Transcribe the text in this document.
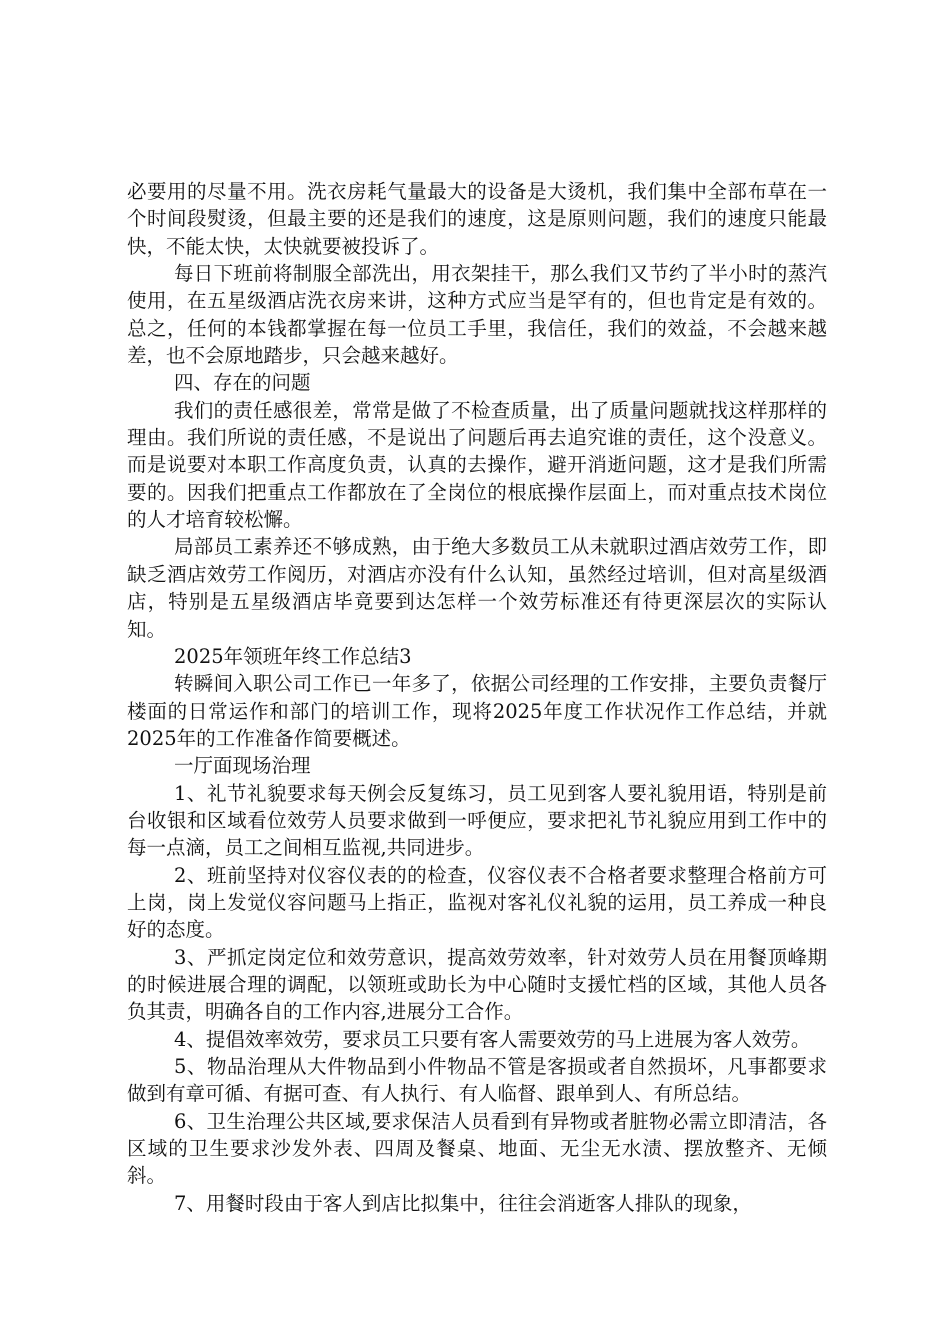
必要用的尽量不用。洗衣房耗气量最大的设备是大烫机，我们集中全部布草在一个时间段熨烫，但最主要的还是我们的速度，这是原则问题，我们的速度只能最快，不能太快，太快就要被投诉了。

每日下班前将制服全部洗出，用衣架挂干，那么我们又节约了半小时的蒸汽使用，在五星级酒店洗衣房来讲，这种方式应当是罕有的，但也肯定是有效的。总之，任何的本钱都掌握在每一位员工手里，我信任，我们的效益，不会越来越差，也不会原地踏步，只会越来越好。

四、存在的问题

我们的责任感很差，常常是做了不检查质量，出了质量问题就找这样那样的理由。我们所说的责任感，不是说出了问题后再去追究谁的责任，这个没意义。而是说要对本职工作高度负责，认真的去操作，避开消逝问题，这才是我们所需要的。因我们把重点工作都放在了全岗位的根底操作层面上，而对重点技术岗位的人才培育较松懈。

局部员工素养还不够成熟，由于绝大多数员工从未就职过酒店效劳工作，即缺乏酒店效劳工作阅历，对酒店亦没有什么认知，虽然经过培训，但对高星级酒店，特别是五星级酒店毕竟要到达怎样一个效劳标准还有待更深层次的实际认知。

2025年领班年终工作总结3

转瞬间入职公司工作已一年多了，依据公司经理的工作安排，主要负责餐厅楼面的日常运作和部门的培训工作，现将2025年度工作状况作工作总结，并就2025年的工作准备作简要概述。

一厅面现场治理

1、礼节礼貌要求每天例会反复练习，员工见到客人要礼貌用语，特别是前台收银和区域看位效劳人员要求做到一呼便应，要求把礼节礼貌应用到工作中的每一点滴，员工之间相互监视,共同进步。

2、班前坚持对仪容仪表的的检查，仪容仪表不合格者要求整理合格前方可上岗，岗上发觉仪容问题马上指正，监视对客礼仪礼貌的运用，员工养成一种良好的态度。

3、严抓定岗定位和效劳意识，提高效劳效率，针对效劳人员在用餐顶峰期的时候进展合理的调配，以领班或助长为中心随时支援忙档的区域，其他人员各负其责，明确各自的工作内容,进展分工合作。

4、提倡效率效劳，要求员工只要有客人需要效劳的马上进展为客人效劳。

5、物品治理从大件物品到小件物品不管是客损或者自然损坏，凡事都要求做到有章可循、有据可查、有人执行、有人临督、跟单到人、有所总结。

6、卫生治理公共区域,要求保洁人员看到有异物或者脏物必需立即清洁，各区域的卫生要求沙发外表、四周及餐桌、地面、无尘无水渍、摆放整齐、无倾斜。

7、用餐时段由于客人到店比拟集中，往往会消逝客人排队的现象，
